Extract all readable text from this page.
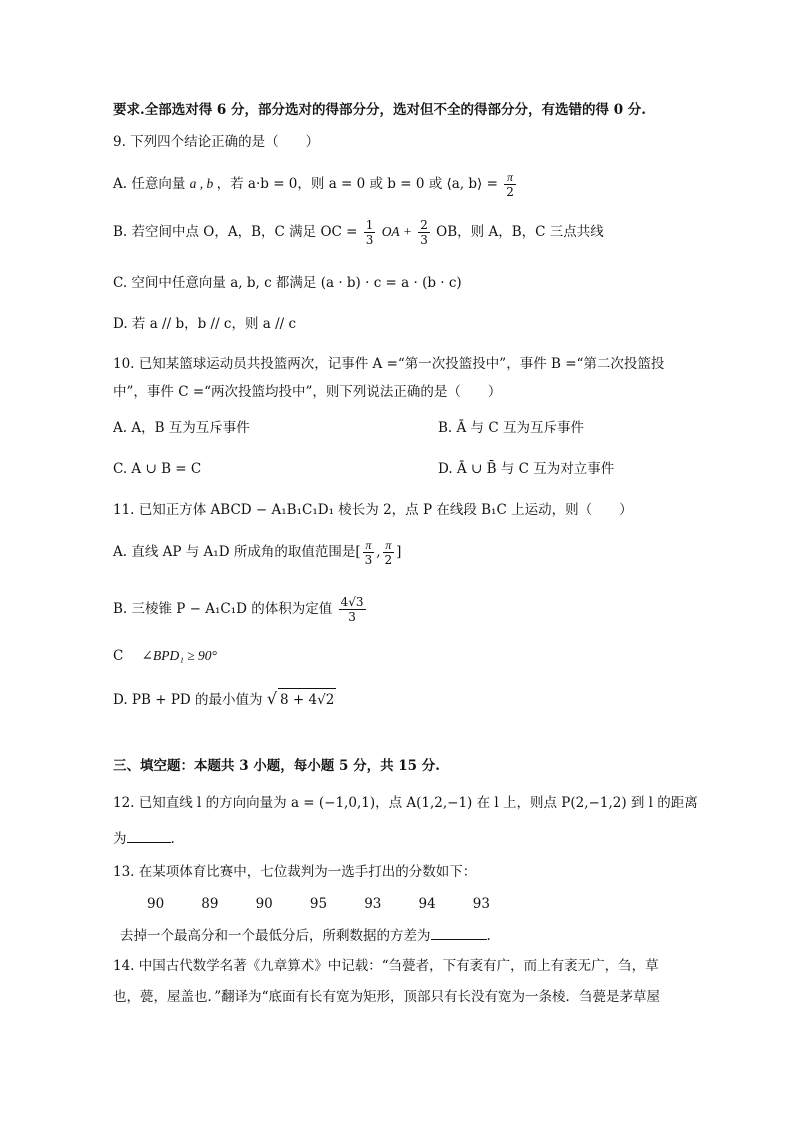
要求.全部选对得 6 分，部分选对的得部分分，选对但不全的得部分分，有选错的得 0 分.
9. 下列四个结论正确的是（　　）
A. 任意向量 a , b ，若 a·b = 0，则 a = 0 或 b = 0 或 ⟨a, b⟩ = $\frac{\pi}{2}$
B. 若空间中点 O，A，B，C 满足 OC = $\frac{1}{3}$ OA + $\frac{2}{3}$ OB，则 A，B，C 三点共线
C. 空间中任意向量 a, b, c 都满足 (a · b) · c = a · (b · c)
D. 若 a // b，b // c，则 a // c
10. 已知某篮球运动员共投篮两次，记事件 A =“第一次投篮投中”，事件 B =“第二次投篮投
中”，事件 C =“两次投篮均投中”，则下列说法正确的是（　　）
A. A，B 互为互斥事件	B. Ā 与 C 互为互斥事件
C. A ∪ B = C	D. Ā ∪ B̄ 与 C 互为对立事件
11. 已知正方体 ABCD − A₁B₁C₁D₁ 棱长为 2，点 P 在线段 B₁C 上运动，则（　　）
A. 直线 AP 与 A₁D 所成角的取值范围是[ $\frac{\pi}{3}$ , $\frac{\pi}{2}$ ]
B. 三棱锥 P − A₁C₁D 的体积为定值 $\frac{4√3}{3}$
C ∠BPD₁ ≥ 90°
D. PB + PD 的最小值为 √ 8 + 4√2
三、填空题：本题共 3 小题，每小题 5 分，共 15 分.
12. 已知直线 l 的方向向量为 a = (−1,0,1)，点 A(1,2,−1) 在 l 上，则点 P(2,−1,2) 到 l 的距离
为	.
13. 在某项体育比赛中，七位裁判为一选手打出的分数如下：
90	89	90	95	93	94	93
去掉一个最高分和一个最低分后，所剩数据的方差为	.
14. 中国古代数学名著《九章算术》中记载：“刍甍者，下有袤有广，而上有袤无广，刍，草
也，甍，屋盖也．”翻译为“底面有长有宽为矩形，顶部只有长没有宽为一条棱．刍甍是茅草屋
